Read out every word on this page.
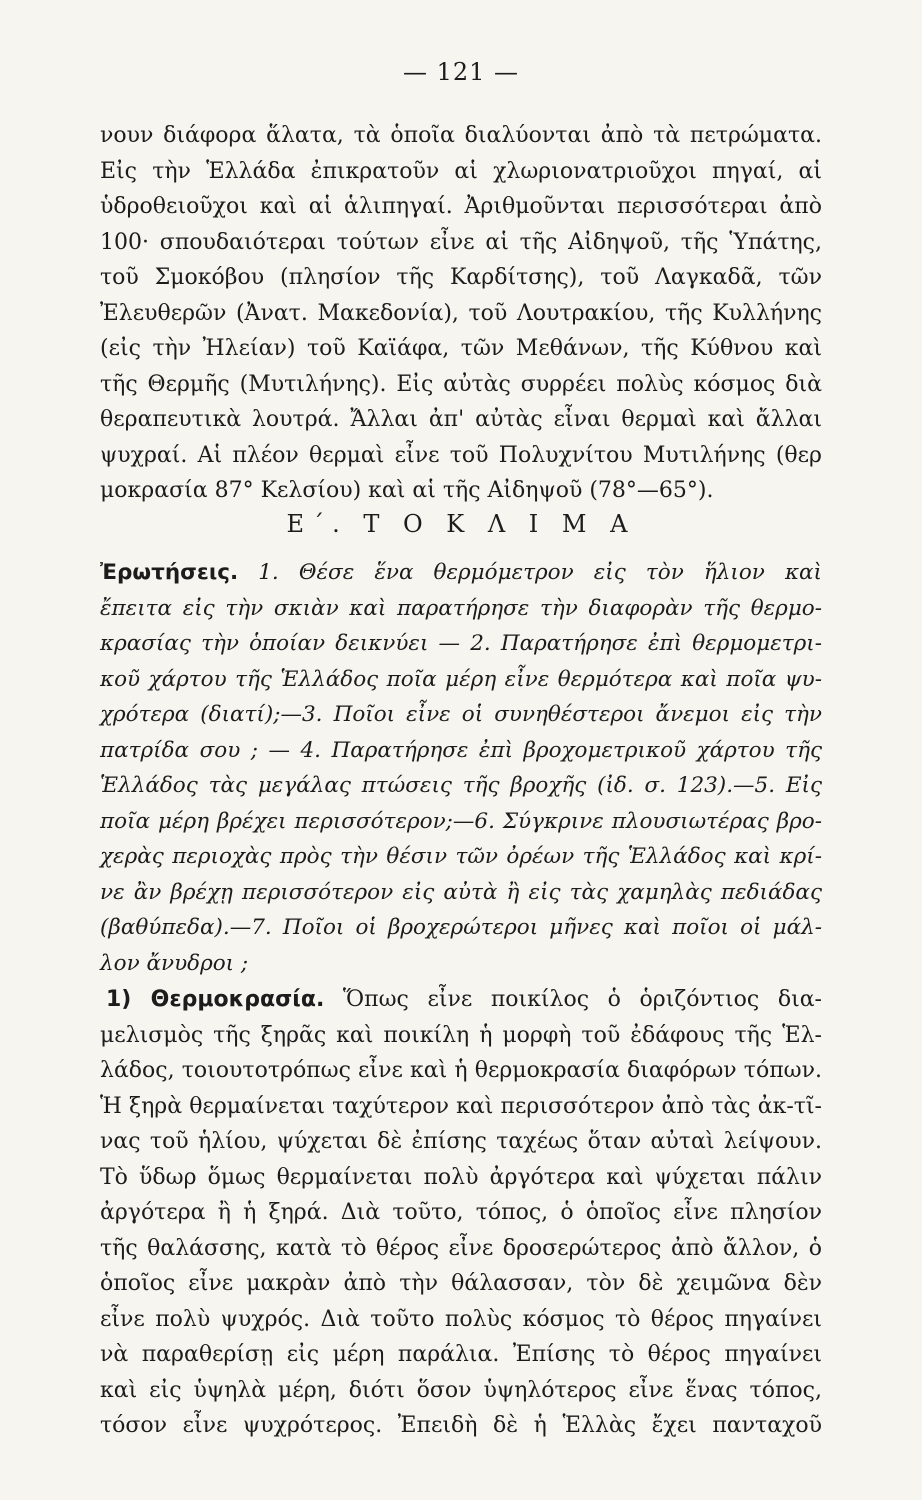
— 121 —
νουν διάφορα ἅλατα, τὰ ὁποῖα διαλύονται ἀπὸ τὰ πετρώματα.
Εἰς τὴν Ἑλλάδα ἐπικρατοῦν αἱ χλωριονατριοῦχοι πηγαί, αἱ
ὑδροθειοῦχοι καὶ αἱ ἁλιπηγαί. Ἀριθμοῦνται περισσότεραι ἀπὸ
100· σπουδαιότεραι τούτων εἶνε αἱ τῆς Αἰδηψοῦ, τῆς Ὑπάτης,
τοῦ Σμοκόβου (πλησίον τῆς Καρδίτσης), τοῦ Λαγκαδᾶ, τῶν
Ἐλευθερῶν (Ἀνατ. Μακεδονία), τοῦ Λουτρακίου, τῆς Κυλλήνης
(εἰς τὴν Ἠλείαν) τοῦ Καϊάφα, τῶν Μεθάνων, τῆς Κύθνου καὶ
τῆς Θερμῆς (Μυτιλήνης). Εἰς αὐτὰς συρρέει πολὺς κόσμος διὰ
θεραπευτικὰ λουτρά. Ἄλλαι ἀπ' αὐτὰς εἶναι θερμαὶ καὶ ἄλλαι
ψυχραί. Αἱ πλέον θερμαὶ εἶνε τοῦ Πολυχνίτου Μυτιλήνης (θερ
μοκρασία 87° Κελσίου) καὶ αἱ τῆς Αἰδηψοῦ (78°—65°).
Ε΄. Τ Ο Κ Λ Ι Μ Α
Ἐρωτήσεις. 1. Θέσε ἕνα θερμόμετρον εἰς τὸν ἥλιον καὶ
ἔπειτα εἰς τὴν σκιὰν καὶ παρατήρησε τὴν διαφορὰν τῆς θερμο-
κρασίας τὴν ὁποίαν δεικνύει — 2. Παρατήρησε ἐπὶ θερμομετρι-
κοῦ χάρτου τῆς Ἑλλάδος ποῖα μέρη εἶνε θερμότερα καὶ ποῖα ψυ-
χρότερα (διατί);—3. Ποῖοι εἶνε οἱ συνηθέστεροι ἄνεμοι εἰς τὴν
πατρίδα σου ; — 4. Παρατήρησε ἐπὶ βροχομετρικοῦ χάρτου τῆς
Ἑλλάδος τὰς μεγάλας πτώσεις τῆς βροχῆς (ἰδ. σ. 123).—5. Εἰς
ποῖα μέρη βρέχει περισσότερον;—6. Σύγκρινε πλουσιωτέρας βρο-
χερὰς περιοχὰς πρὸς τὴν θέσιν τῶν ὀρέων τῆς Ἑλλάδος καὶ κρί-
νε ἂν βρέχῃ περισσότερον εἰς αὐτὰ ἢ εἰς τὰς χαμηλὰς πεδιάδας
(βαθύπεδα).—7. Ποῖοι οἱ βροχερώτεροι μῆνες καὶ ποῖοι οἱ μάλ-
λον ἄνυδροι ;
1) Θερμοκρασία. Ὅπως εἶνε ποικίλος ὁ ὁριζόντιος δια-
μελισμὸς τῆς ξηρᾶς καὶ ποικίλη ἡ μορφὴ τοῦ ἐδάφους τῆς Ἑλ-
λάδος, τοιουτοτρόπως εἶνε καὶ ἡ θερμοκρασία διαφόρων τόπων.
Ἡ ξηρὰ θερμαίνεται ταχύτερον καὶ περισσότερον ἀπὸ τὰς ἀκ-τῖ-
νας τοῦ ἡλίου, ψύχεται δὲ ἐπίσης ταχέως ὅταν αὐταὶ λείψουν.
Τὸ ὕδωρ ὅμως θερμαίνεται πολὺ ἀργότερα καὶ ψύχεται πάλιν
ἀργότερα ἢ ἡ ξηρά. Διὰ τοῦτο, τόπος, ὁ ὁποῖος εἶνε πλησίον
τῆς θαλάσσης, κατὰ τὸ θέρος εἶνε δροσερώτερος ἀπὸ ἄλλον, ὁ
ὁποῖος εἶνε μακρὰν ἀπὸ τὴν θάλασσαν, τὸν δὲ χειμῶνα δὲν
εἶνε πολὺ ψυχρός. Διὰ τοῦτο πολὺς κόσμος τὸ θέρος πηγαίνει
νὰ παραθερίσῃ εἰς μέρη παράλια. Ἐπίσης τὸ θέρος πηγαίνει
καὶ εἰς ὑψηλὰ μέρη, διότι ὅσον ὑψηλότερος εἶνε ἕνας τόπος,
τόσον εἶνε ψυχρότερος. Ἐπειδὴ δὲ ἡ Ἑλλὰς ἔχει πανταχοῦ
